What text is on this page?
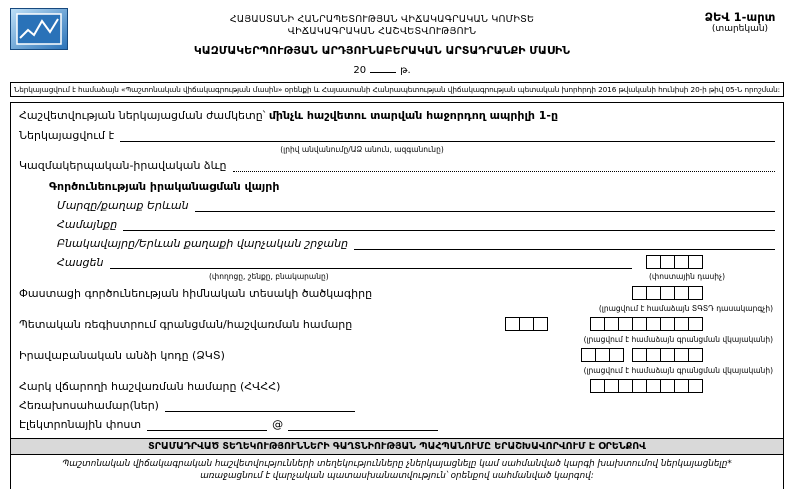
ՀԱՅԱՍՏԱՆԻ ՀԱՆՐԱՊԵՏՈՒԹՅԱՆ ՎԻՃԱԿԱԳՐԱԿԱՆ ԿՈՄԻՏԵ
ՎԻՃԱԿԱԳՐԱԿԱՆ ՀԱՇՎԵՏՎՈՒԹՅՈՒՆ
ԿԱԶՄԱԿԵՐՊՈՒԹՅԱՆ ԱՐԴՅՈՒՆԱԲԵՐԱԿԱՆ ԱՐՏԱԴՐԱՆՔԻ ՄԱՍԻՆ
20	թ.
ՁԵՎ 1-արտ
(տարեկան)
Ներկայացվում է համաձայն «Պաշտոնական վիճակագրության մասին» օրենքի և Հայաստանի Հանրապետության վիճակագրության պետական խորհրդի 2016 թվականի հունիսի 20-ի թիվ 05-Ն որոշման:
Հաշվետվության ներկայացման ժամկետը՝ մինչև հաշվետու տարվան հաջորդող ապրիլի 1-ը
Ներկայացվում է
(լրիվ անվանումը/ԱՁ անուն, ազգանունը)
Կազմակերպական-իրավական ձևը
Գործունեության իրականացման վայրի
Մարզը/քաղաք Երևան
Համայնքը
Բնակավայրը/Երևան քաղաքի վարչական շրջանը
Հասցեն
(փողոցը, շենքը, բնակարանը)	(փոստային դասիչ)
Փաստացի գործունեության հիմնական տեսակի ծածկագիրը
(լրացվում է համաձայն ՏԳՏԴ դասակարգչի)
Պետական ռեգիստրում գրանցման/հաշվառման համարը
(լրացվում է համաձայն գրանցման վկայականի)
Իրավաբանական անձի կոդը (ՁԿՏ)
(լրացվում է համաձայն գրանցման վկայականի)
Հարկ վճարողի հաշվառման համարը (ՀՎՀՀ)
Հեռախոսահամար(ներ)
Էլեկտրոնային փոստ	@
ՏՐԱՄԱԴՐՎԱԾ ՏԵՂԵԿՈՒԹՅՈՒՆՆԵՐԻ ԳԱՂՏՆԻՈՒԹՅԱՆ ՊԱՀՊԱՆՈՒՄԸ ԵՐԱՇԽԱՎՈՐՎՈՒՄ Է ՕՐԵՆՔՈՎ
Պաշտոնական վիճակագրական հաշվետվությունների տեղեկությունները չներկայացնելը կամ սահմանված կարգի խախտումով ներկայացնելը* առաջացնում է վարչական պատասխանատվություն՝ օրենքով սահմանված կարգով:
